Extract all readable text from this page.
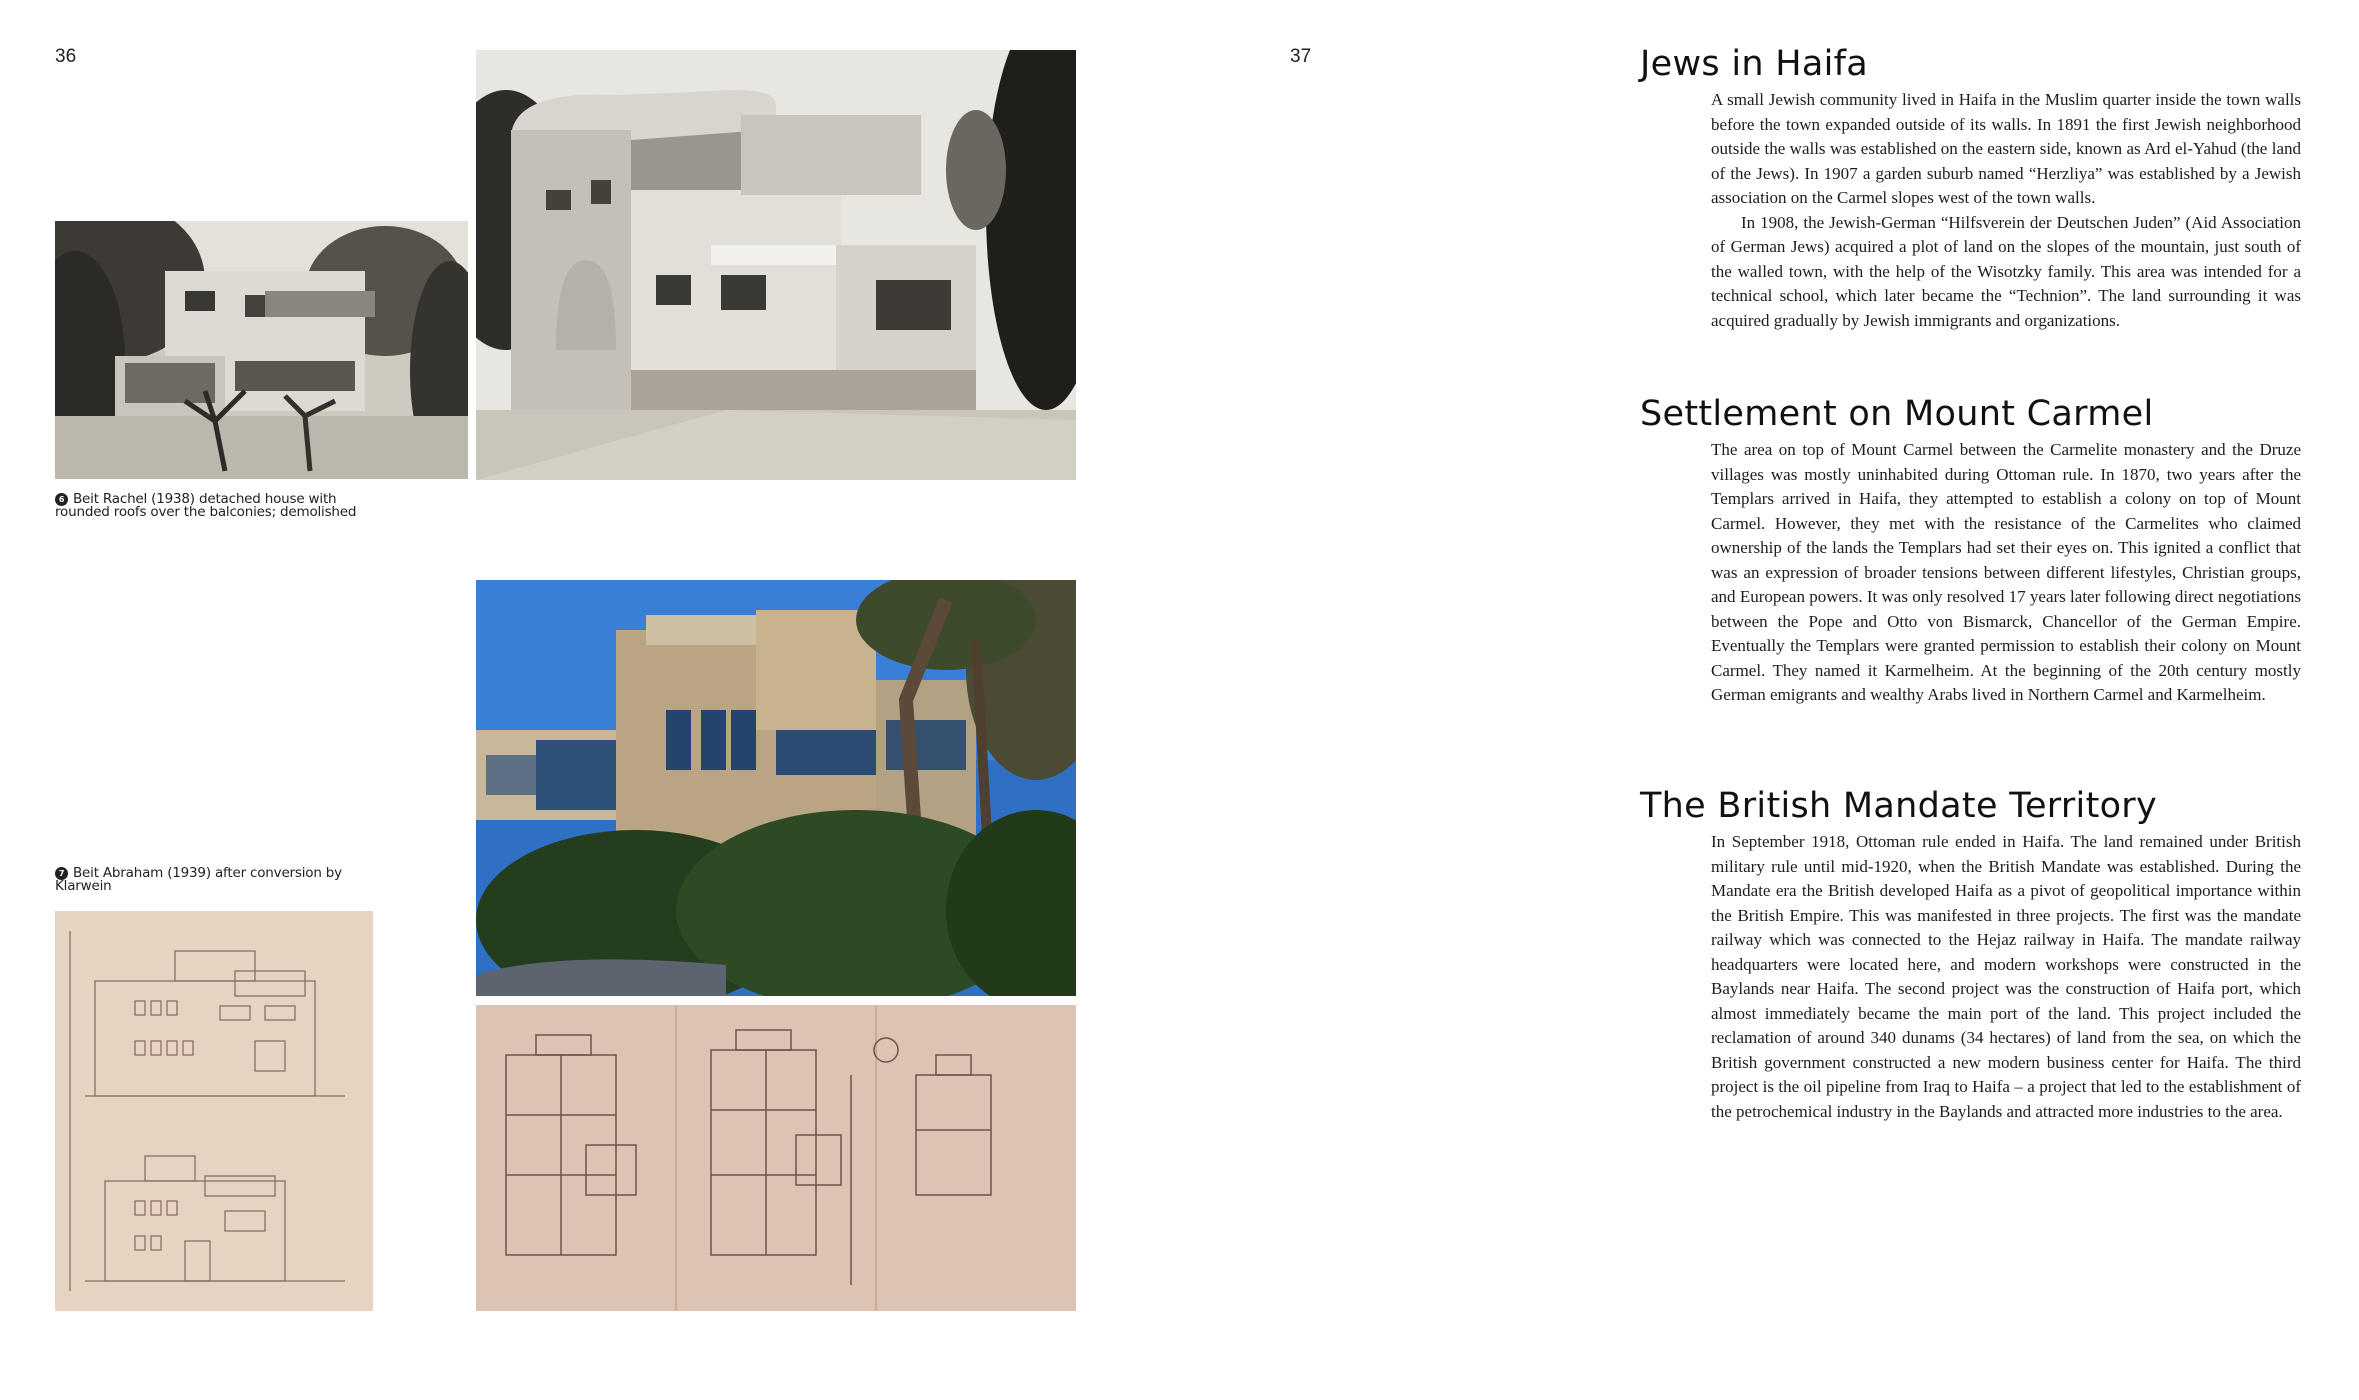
36	37
6 Beit Rachel (1938) detached house with rounded roofs over the balconies; demolished
7 Beit Abraham (1939) after conversion by Klarwein
Jews in Haifa

A small Jewish community lived in Haifa in the Muslim quarter inside the town walls before the town expanded outside of its walls. In 1891 the first Jewish neighborhood outside the walls was established on the eastern side, known as Ard el-Yahud (the land of the Jews). In 1907 a garden suburb named “Herzliya” was established by a Jewish association on the Carmel slopes west of the town walls.

In 1908, the Jewish-German “Hilfsverein der Deutschen Juden” (Aid Association of German Jews) acquired a plot of land on the slopes of the mountain, just south of the walled town, with the help of the Wisotzky family. This area was intended for a technical school, which later became the “Technion”. The land surrounding it was acquired gradually by Jewish immigrants and organizations.

Settlement on Mount Carmel

The area on top of Mount Carmel between the Carmelite monastery and the Druze villages was mostly uninhabited during Ottoman rule. In 1870, two years after the Templars arrived in Haifa, they attempted to establish a colony on top of Mount Carmel. However, they met with the resistance of the Carmelites who claimed ownership of the lands the Templars had set their eyes on. This ignited a conflict that was an expression of broader tensions between different lifestyles, Christian groups, and European powers. It was only resolved 17 years later following direct negotiations between the Pope and Otto von Bismarck, Chancellor of the German Empire. Eventually the Templars were granted permission to establish their colony on Mount Carmel. They named it Karmelheim. At the beginning of the 20th century mostly German emigrants and wealthy Arabs lived in Northern Carmel and Karmelheim.

The British Mandate Territory

In September 1918, Ottoman rule ended in Haifa. The land remained under British military rule until mid-1920, when the British Mandate was established. During the Mandate era the British developed Haifa as a pivot of geopolitical importance within the British Empire. This was manifested in three projects. The first was the mandate railway which was connected to the Hejaz railway in Haifa. The mandate railway headquarters were located here, and modern workshops were constructed in the Baylands near Haifa. The second project was the construction of Haifa port, which almost immediately became the main port of the land. This project included the reclamation of around 340 dunams (34 hectares) of land from the sea, on which the British government constructed a new modern business center for Haifa. The third project is the oil pipeline from Iraq to Haifa – a project that led to the establishment of the petrochemical industry in the Baylands and attracted more industries to the area.
